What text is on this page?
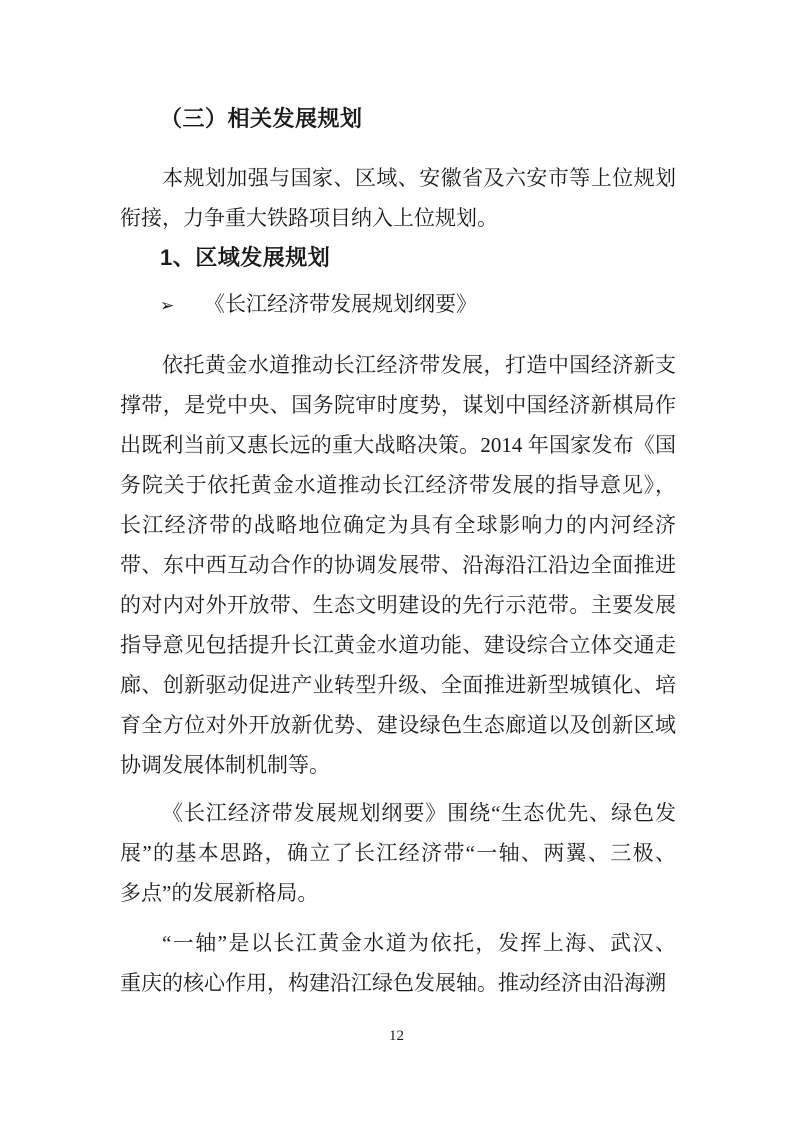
（三）相关发展规划
本规划加强与国家、区域、安徽省及六安市等上位规划
衔接，力争重大铁路项目纳入上位规划。
1、区域发展规划
➢ 《长江经济带发展规划纲要》
依托黄金水道推动长江经济带发展，打造中国经济新支
撑带，是党中央、国务院审时度势，谋划中国经济新棋局作
出既利当前又惠长远的重大战略决策。2014 年国家发布《国
务院关于依托黄金水道推动长江经济带发展的指导意见》，
长江经济带的战略地位确定为具有全球影响力的内河经济
带、东中西互动合作的协调发展带、沿海沿江沿边全面推进
的对内对外开放带、生态文明建设的先行示范带。主要发展
指导意见包括提升长江黄金水道功能、建设综合立体交通走
廊、创新驱动促进产业转型升级、全面推进新型城镇化、培
育全方位对外开放新优势、建设绿色生态廊道以及创新区域
协调发展体制机制等。
《长江经济带发展规划纲要》围绕“生态优先、绿色发
展”的基本思路，确立了长江经济带“一轴、两翼、三极、
多点”的发展新格局。
“一轴”是以长江黄金水道为依托，发挥上海、武汉、
重庆的核心作用，构建沿江绿色发展轴。推动经济由沿海溯
12
